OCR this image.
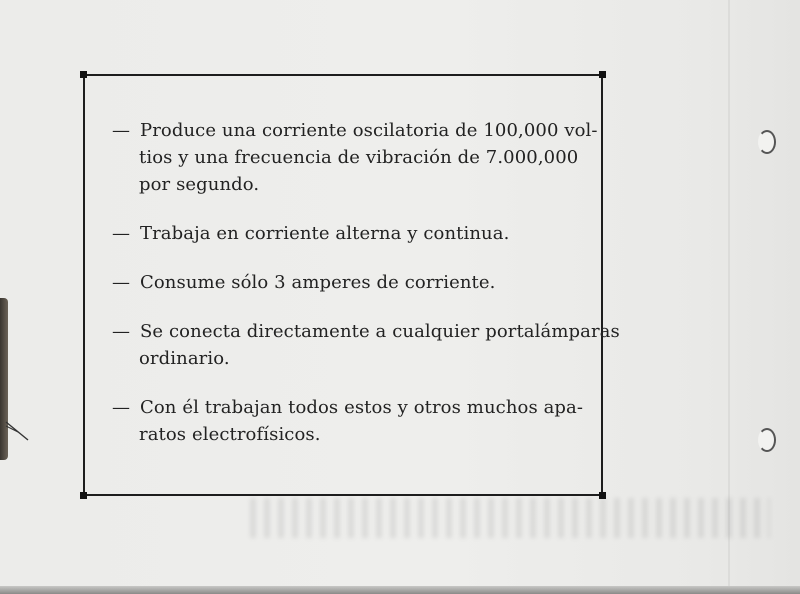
— Produce una corriente oscilatoria de 100,000 vol-
tios y una frecuencia de vibración de 7.000,000
por segundo.
— Trabaja en corriente alterna y continua.
— Consume sólo 3 amperes de corriente.
— Se conecta directamente a cualquier portalámparas
ordinario.
— Con él trabajan todos estos y otros muchos apa-
ratos electrofísicos.
